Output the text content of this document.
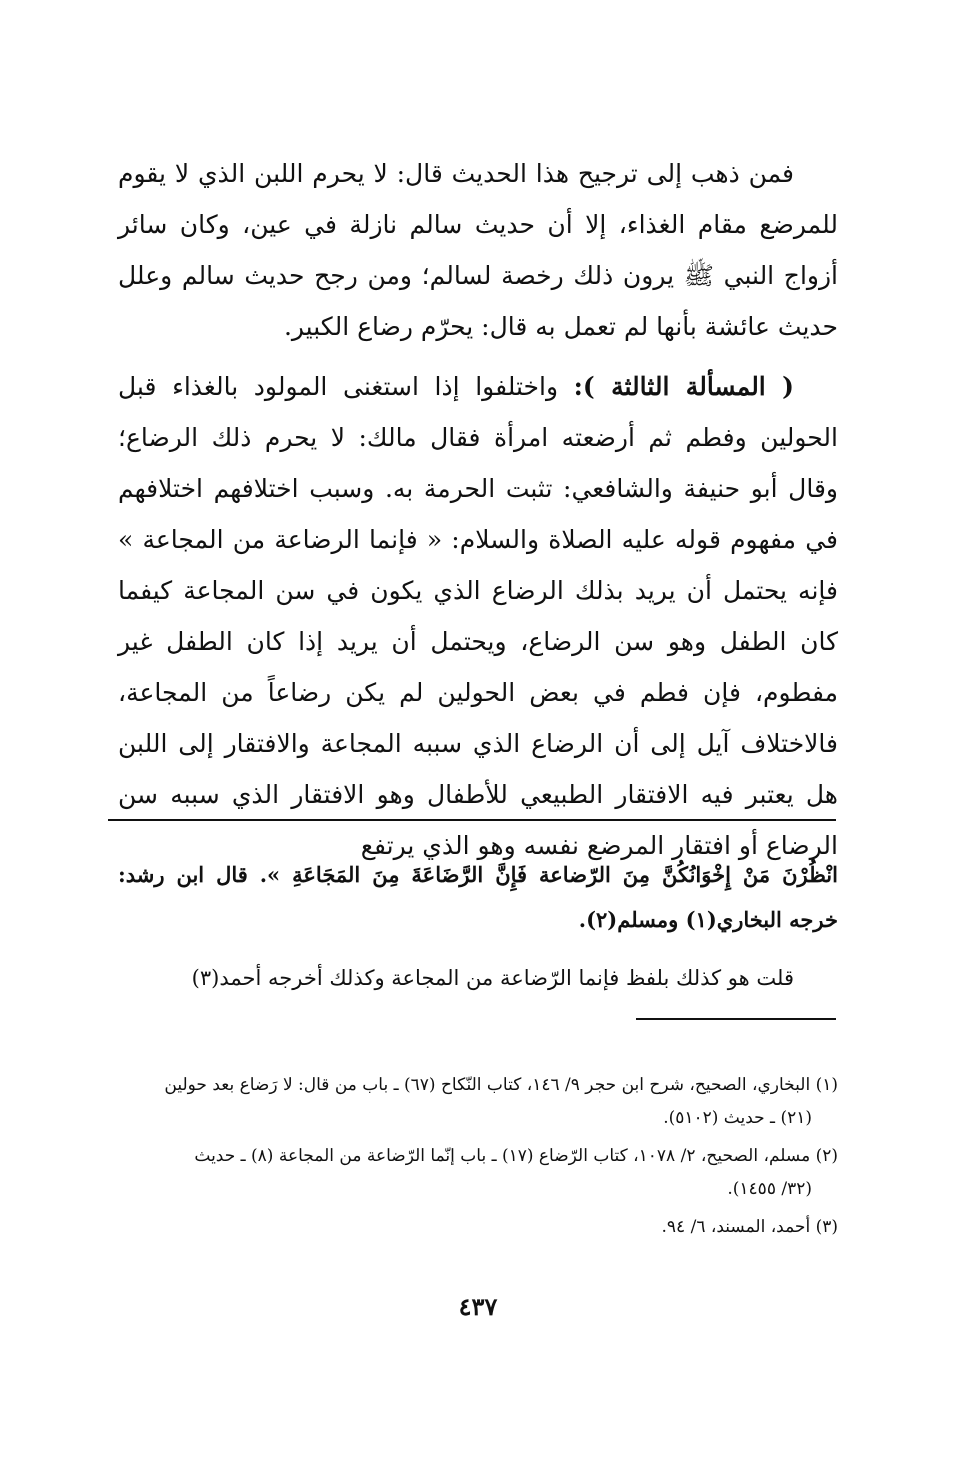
فمن ذهب إلى ترجيح هذا الحديث قال: لا يحرم اللبن الذي لا يقوم للمرضع مقام الغذاء، إلا أن حديث سالم نازلة في عين، وكان سائر أزواج النبي ﷺ يرون ذلك رخصة لسالم؛ ومن رجح حديث سالم وعلل حديث عائشة بأنها لم تعمل به قال: يحرّم رضاع الكبير.

( المسألة الثالثة ): واختلفوا إذا استغنى المولود بالغذاء قبل الحولين وفطم ثم أرضعته امرأة فقال مالك: لا يحرم ذلك الرضاع؛ وقال أبو حنيفة والشافعي: تثبت الحرمة به. وسبب اختلافهم اختلافهم في مفهوم قوله عليه الصلاة والسلام: « فإنما الرضاعة من المجاعة » فإنه يحتمل أن يريد بذلك الرضاع الذي يكون في سن المجاعة كيفما كان الطفل وهو سن الرضاع، ويحتمل أن يريد إذا كان الطفل غير مفطوم، فإن فطم في بعض الحولين لم يكن رضاعاً من المجاعة، فالاختلاف آيل إلى أن الرضاع الذي سببه المجاعة والافتقار إلى اللبن هل يعتبر فيه الافتقار الطبيعي للأطفال وهو الافتقار الذي سببه سن الرضاع أو افتقار المرضع نفسه وهو الذي يرتفع

انْظُرْنَ مَنْ إِخْوَانُكُنَّ مِنَ الرّضاعة فَإِنَّ الرَّضَاعَةَ مِنَ المَجَاعَةِ ». قال ابن رشد: خرجه البخاري(١) ومسلم(٢).

قلت هو كذلك بلفظ فإنما الرّضاعة من المجاعة وكذلك أخرجه أحمد(٣)

(١) البخاري، الصحيح، شرح ابن حجر ٩/ ١٤٦، كتاب النّكاح (٦٧) ـ باب من قال: لا رَضاع بعد حولين
(٢١) ـ حديث (٥١٠٢).

(٢) مسلم، الصحيح، ٢/ ١٠٧٨، كتاب الرّضاع (١٧) ـ باب إنّما الرّضاعة من المجاعة (٨) ـ حديث
(٣٢/ ١٤٥٥).

(٣) أحمد، المسند، ٦/ ٩٤.

٤٣٧
